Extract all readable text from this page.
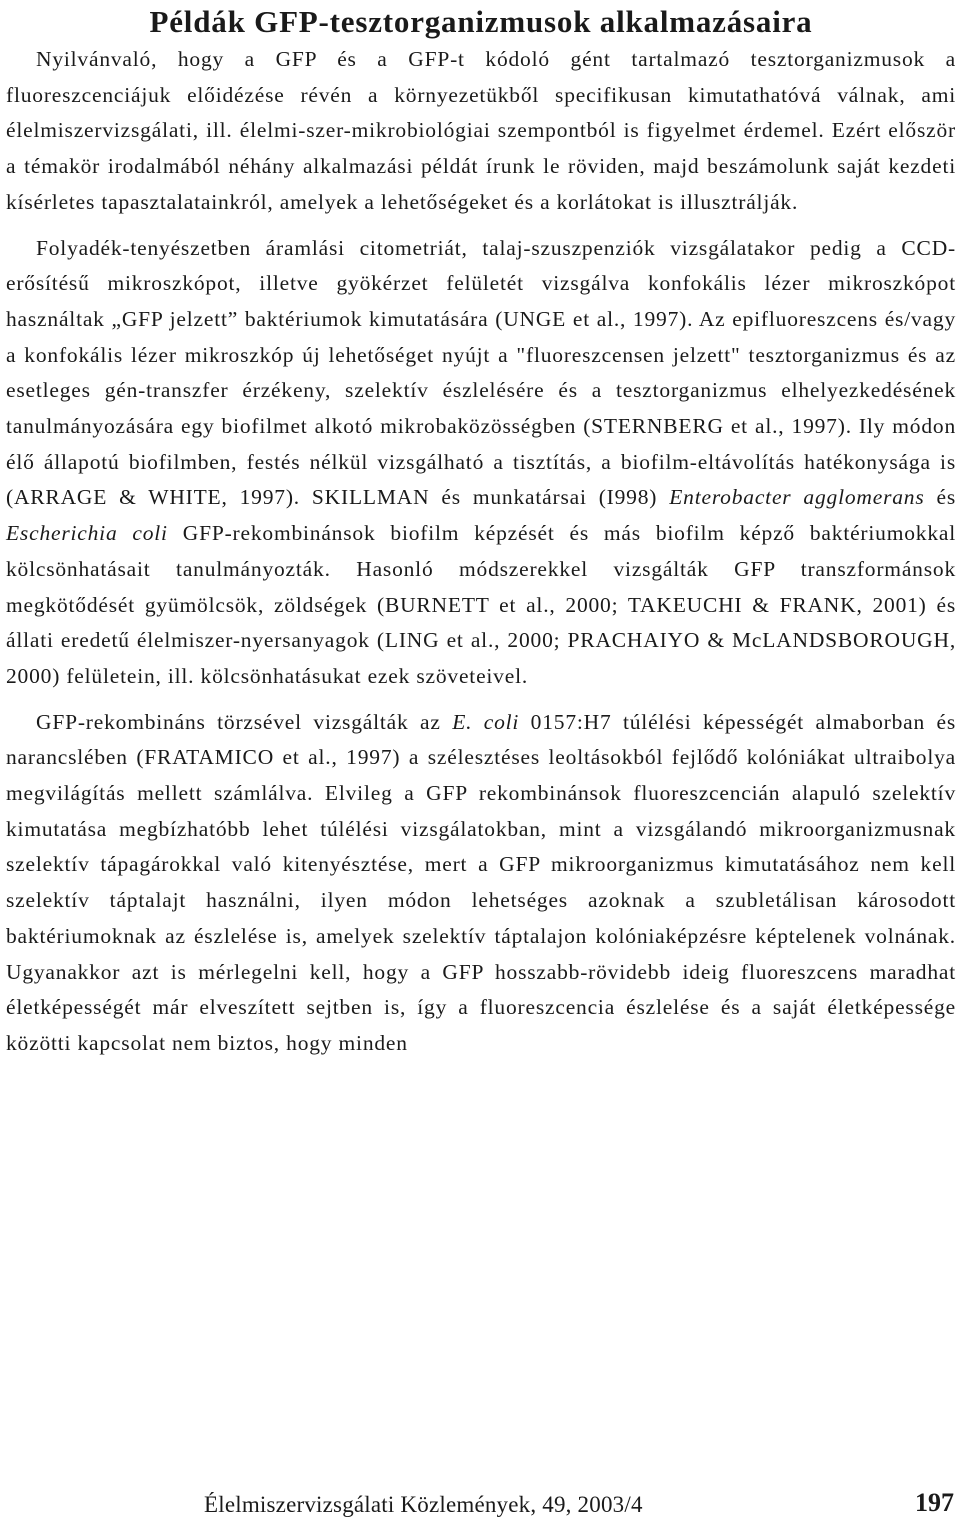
Példák GFP-tesztorganizmusok alkalmazásaira

Nyilvánvaló, hogy a GFP és a GFP-t kódoló gént tartalmazó tesztorganizmusok a fluoreszcenciájuk előidézése révén a környezetükből specifikusan kimutathatóvá válnak, ami élelmiszervizsgálati, ill. élelmi-szer-mikrobiológiai szempontból is figyelmet érdemel. Ezért először a témakör irodalmából néhány alkalmazási példát írunk le röviden, majd beszámolunk saját kezdeti kísérletes tapasztalatainkról, amelyek a lehetőségeket és a korlátokat is illusztrálják.

Folyadék-tenyészetben áramlási citometriát, talaj-szuszpenziók vizsgálatakor pedig a CCD-erősítésű mikroszkópot, illetve gyökérzet felületét vizsgálva konfokális lézer mikroszkópot használtak „GFP jelzett” baktériumok kimutatására (UNGE et al., 1997). Az epifluoreszcens és/vagy a konfokális lézer mikroszkóp új lehetőséget nyújt a "fluoreszcensen jelzett" tesztorganizmus és az esetleges gén-transzfer érzékeny, szelektív észlelésére és a tesztorganizmus elhelyezkedésének tanulmányozására egy biofilmet alkotó mikrobaközösségben (STERNBERG et al., 1997). Ily módon élő állapotú biofilmben, festés nélkül vizsgálható a tisztítás, a biofilm-eltávolítás hatékonysága is (ARRAGE & WHITE, 1997). SKILLMAN és munkatársai (I998) Enterobacter agglomerans és Escherichia coli GFP-rekombinánsok biofilm képzését és más biofilm képző baktériumokkal kölcsönhatásait tanulmányozták. Hasonló módszerekkel vizsgálták GFP transzformánsok megkötődését gyümölcsök, zöldségek (BURNETT et al., 2000; TAKEUCHI & FRANK, 2001) és állati eredetű élelmiszer-nyersanyagok (LING et al., 2000; PRACHAIYO & McLANDSBOROUGH, 2000) felületein, ill. kölcsönhatásukat ezek szöveteivel.

GFP-rekombináns törzsével vizsgálták az E. coli 0157:H7 túlélési képességét almaborban és narancslében (FRATAMICO et al., 1997) a szélesztéses leoltásokból fejlődő kolóniákat ultraibolya megvilágítás mellett számlálva. Elvileg a GFP rekombinánsok fluoreszcencián alapuló szelektív kimutatása megbízhatóbb lehet túlélési vizsgálatokban, mint a vizsgálandó mikroorganizmusnak szelektív tápagárokkal való kitenyésztése, mert a GFP mikroorganizmus kimutatásához nem kell szelektív táptalajt használni, ilyen módon lehetséges azoknak a szubletálisan károsodott baktériumoknak az észlelése is, amelyek szelektív táptalajon kolóniaképzésre képtelenek volnának. Ugyanakkor azt is mérlegelni kell, hogy a GFP hosszabb-rövidebb ideig fluoreszcens maradhat életképességét már elveszített sejtben is, így a fluoreszcencia észlelése és a saját életképessége közötti kapcsolat nem biztos, hogy minden

Élelmiszervizsgálati Közlemények, 49, 2003/4	197
